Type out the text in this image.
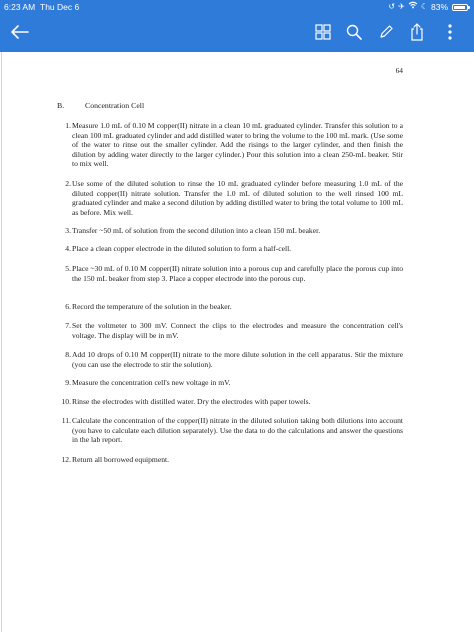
6:23 AM Thu Dec 6	↺ ✈ ☾ 83%
64
B.	Concentration Cell
1. Measure 1.0 mL of 0.10 M copper(II) nitrate in a clean 10 mL graduated cylinder. Transfer this solution to a clean 100 mL graduated cylinder and add distilled water to bring the volume to the 100 mL mark. (Use some of the water to rinse out the smaller cylinder. Add the risings to the larger cylinder, and then finish the dilution by adding water directly to the larger cylinder.) Pour this solution into a clean 250-mL beaker. Stir to mix well.
2. Use some of the diluted solution to rinse the 10 mL graduated cylinder before measuring 1.0 mL of the diluted copper(II) nitrate solution. Transfer the 1.0 mL of diluted solution to the well rinsed 100 mL graduated cylinder and make a second dilution by adding distilled water to bring the total volume to 100 mL as before. Mix well.
3. Transfer ~50 mL of solution from the second dilution into a clean 150 mL beaker.
4. Place a clean copper electrode in the diluted solution to form a half-cell.
5. Place ~30 mL of 0.10 M copper(II) nitrate solution into a porous cup and carefully place the porous cup into the 150 mL beaker from step 3. Place a copper electrode into the porous cup.
6. Record the temperature of the solution in the beaker.
7. Set the voltmeter to 300 mV. Connect the clips to the electrodes and measure the concentration cell's voltage. The display will be in mV.
8. Add 10 drops of 0.10 M copper(II) nitrate to the more dilute solution in the cell apparatus. Stir the mixture (you can use the electrode to stir the solution).
9. Measure the concentration cell's new voltage in mV.
10. Rinse the electrodes with distilled water. Dry the electrodes with paper towels.
11. Calculate the concentration of the copper(II) nitrate in the diluted solution taking both dilutions into account (you have to calculate each dilution separately). Use the data to do the calculations and answer the questions in the lab report.
12. Return all borrowed equipment.
